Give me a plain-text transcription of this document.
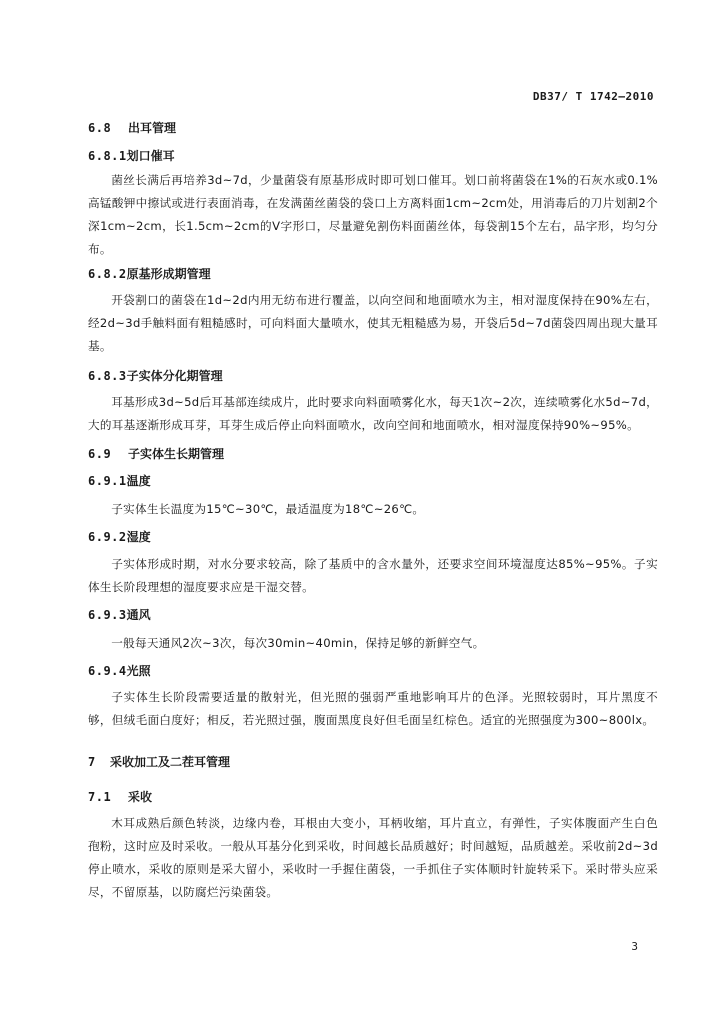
DB37/ T 1742—2010
6.8 出耳管理
6.8.1划口催耳

菌丝长满后再培养3d~7d，少量菌袋有原基形成时即可划口催耳。划口前将菌袋在1%的石灰水或0.1%高锰酸钾中擦试或进行表面消毒，在发满菌丝菌袋的袋口上方离料面1cm~2cm处，用消毒后的刀片划割2个深1cm~2cm，长1.5cm~2cm的V字形口，尽量避免割伤料面菌丝体，每袋割15个左右，品字形，均匀分布。

6.8.2原基形成期管理

开袋割口的菌袋在1d~2d内用无纺布进行覆盖，以向空间和地面喷水为主，相对湿度保持在90%左右，经2d~3d手触料面有粗糙感时，可向料面大量喷水，使其无粗糙感为易，开袋后5d~7d菌袋四周出现大量耳基。

6.8.3子实体分化期管理

耳基形成3d~5d后耳基部连续成片，此时要求向料面喷雾化水，每天1次~2次，连续喷雾化水5d~7d，大的耳基逐渐形成耳芽，耳芽生成后停止向料面喷水，改向空间和地面喷水，相对湿度保持90%~95%。

6.9 子实体生长期管理
6.9.1温度

子实体生长温度为15℃~30℃，最适温度为18℃~26℃。

6.9.2湿度

子实体形成时期，对水分要求较高，除了基质中的含水量外，还要求空间环境湿度达85%~95%。子实体生长阶段理想的湿度要求应是干湿交替。

6.9.3通风

一般每天通风2次~3次，每次30min~40min，保持足够的新鲜空气。

6.9.4光照

子实体生长阶段需要适量的散射光，但光照的强弱严重地影响耳片的色泽。光照较弱时，耳片黑度不够，但绒毛面白度好；相反，若光照过强，腹面黑度良好但毛面呈红棕色。适宜的光照强度为300~800lx。

7 采收加工及二茬耳管理
7.1 采收

木耳成熟后颜色转淡，边缘内卷，耳根由大变小，耳柄收缩，耳片直立，有弹性，子实体腹面产生白色孢粉，这时应及时采收。一般从耳基分化到采收，时间越长品质越好；时间越短，品质越差。采收前2d~3d停止喷水，采收的原则是采大留小，采收时一手握住菌袋，一手抓住子实体顺时针旋转采下。采时带头应采尽，不留原基，以防腐烂污染菌袋。

3
